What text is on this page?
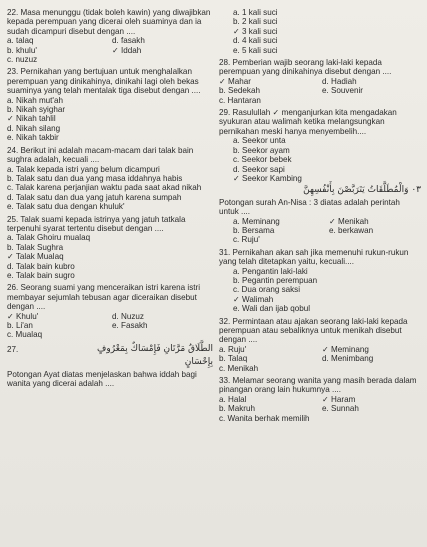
22. Masa menunggu (tidak boleh kawin) yang diwajibkan kepada perempuan yang dicerai oleh suaminya dan ia sudah dicampuri disebut dengan ....

a. talaq	d. fasakh
b. khulu'	✓ Iddah
c. nuzuz

23. Pernikahan yang bertujuan untuk menghalalkan perempuan yang dinikahinya, dinikahi lagi oleh bekas suaminya yang telah mentalak tiga disebut dengan ....

a. Nikah mut'ah
b. Nikah syighar
✓ Nikah tahlil
d. Nikah silang
e. Nikah takbir

24. Berikut ini adalah macam-macam dari talak bain sughra adalah, kecuali ....

a. Talak kepada istri yang belum dicampuri
b. Talak satu dan dua yang masa iddahnya habis
c. Talak karena perjanjian waktu pada saat akad nikah
d. Talak satu dan dua yang jatuh karena sumpah
e. Talak satu dua dengan khuluk'

25. Talak suami kepada istrinya yang jatuh tatkala terpenuhi syarat tertentu disebut dengan ....

a. Talak Ghoiru mualaq
b. Talak Sughra
✓ Talak Mualaq
d. Talak bain kubro
e. Talak bain sugro

26. Seorang suami yang menceraikan istri karena istri membayar sejumlah tebusan agar diceraikan disebut dengan ....

✓ Khulu'	d. Nuzuz
b. Li'an	e. Fasakh
c. Mualaq
27.	الطَّلَاقُ مَرَّتَانِ فَإِمْسَاكٌ بِمَعْرُوفٍ
بِإِحْسَانٍ

Potongan Ayat diatas menjelaskan bahwa iddah bagi wanita yang dicerai adalah ....

a. 1 kali suci
b. 2 kali suci
✓ 3 kali suci
d. 4 kali suci
e. 5 kali suci

28. Pemberian wajib seorang laki-laki kepada perempuan yang dinikahinya disebut dengan ....

✓ Mahar	d. Hadiah
b. Sedekah	e. Souvenir
c. Hantaran

29. Rasulullah ✓ menganjurkan kita mengadakan syukuran atau walimah ketika melangsungkan pernikahan meski hanya menyembelih....

a. Seekor unta
b. Seekor ayam
c. Seekor bebek
d. Seekor sapi
✓ Seekor Kambing
٠٣ وَالْمُطَلَّقَاتُ يَتَرَبَّصْنَ بِأَنْفُسِهِنَّ

Potongan surah An-Nisa : 3 diatas adalah perintah untuk ....

a. Meminang	✓ Menikah
b. Bersama	e. berkawan
c. Ruju'

31. Pernikahan akan sah jika memenuhi rukun-rukun yang telah ditetapkan yaitu, kecuali....

a. Pengantin laki-laki
b. Pegantin perempuan
c. Dua orang saksi
✓ Walimah
e. Wali dan ijab qobul

32. Permintaan atau ajakan seorang laki-laki kepada perempuan atau sebaliknya untuk menikah disebut dengan ....

a. Ruju'	✓ Meminang
b. Talaq	d. Menimbang
c. Menikah

33. Melamar seorang wanita yang masih berada dalam pinangan orang lain hukumnya ....

a. Halal	✓ Haram
b. Makruh	e. Sunnah
c. Wanita berhak memilih
